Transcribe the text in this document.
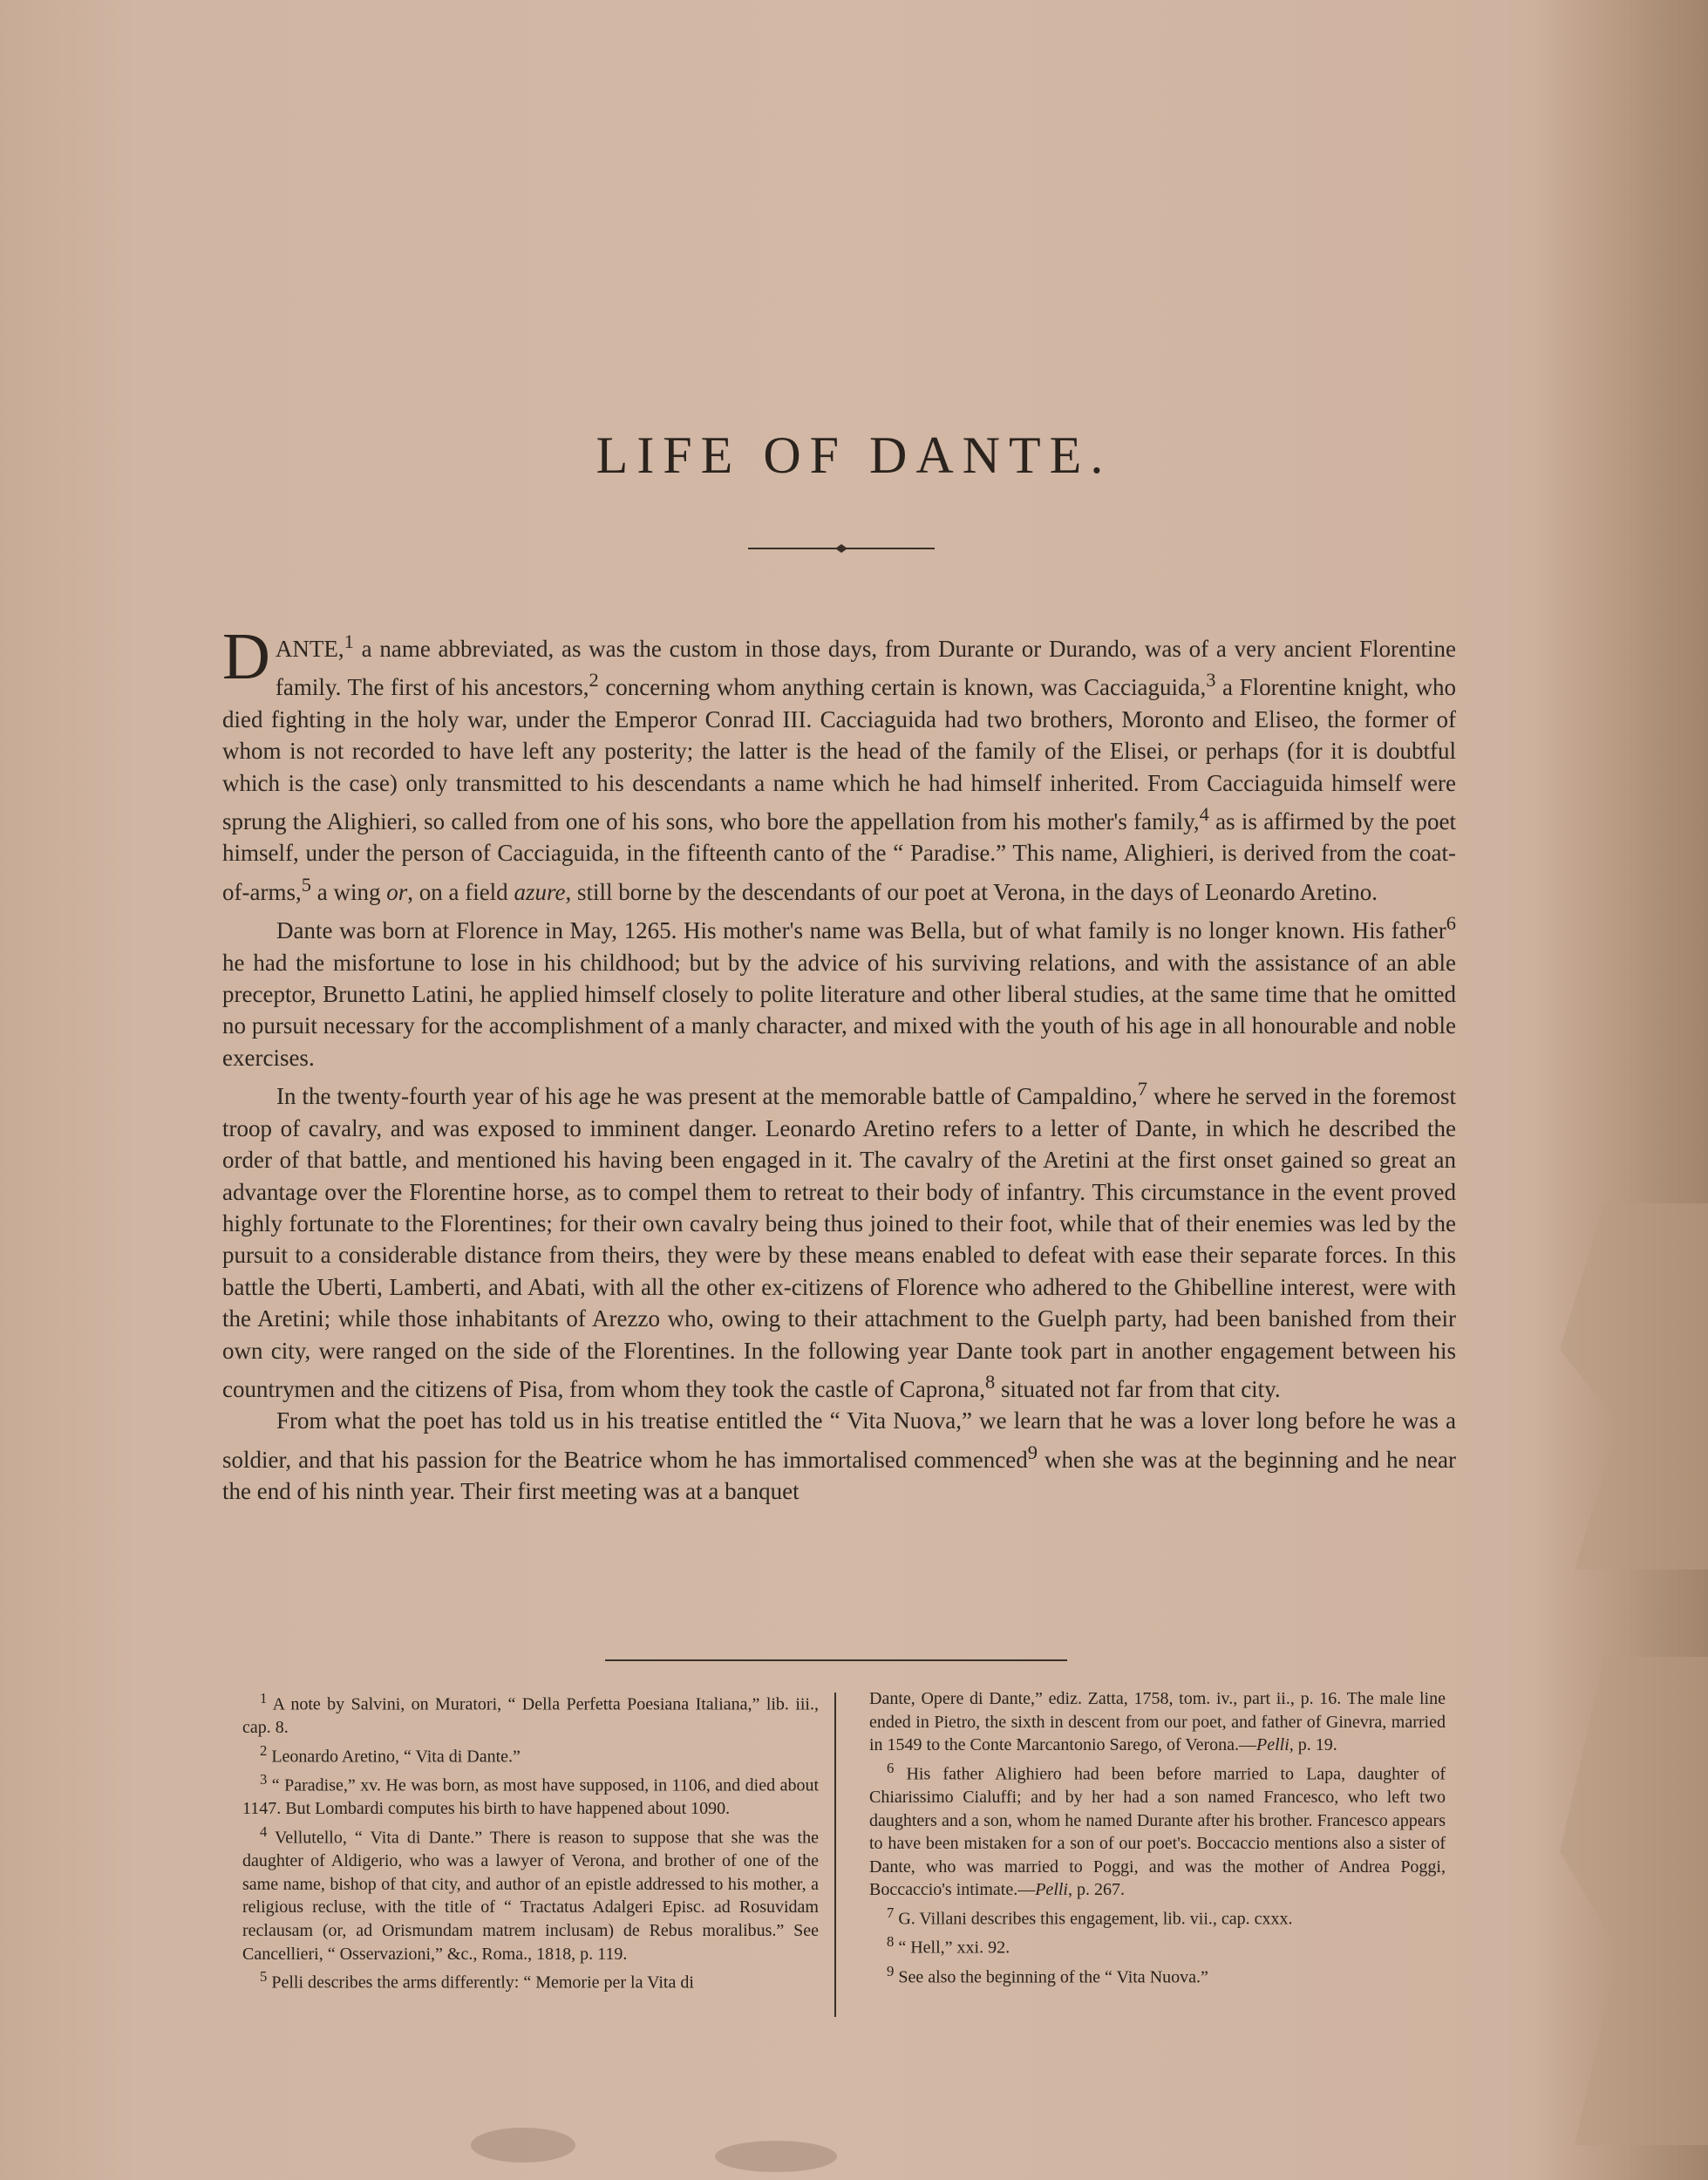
LIFE OF DANTE.

DANTE,$^1$ a name abbreviated, as was the custom in those days, from Durante or Durando, was of a very ancient Florentine family. The first of his ancestors,$^2$ concerning whom anything certain is known, was Cacciaguida,$^3$ a Florentine knight, who died fighting in the holy war, under the Emperor Conrad III. Cacciaguida had two brothers, Moronto and Eliseo, the former of whom is not recorded to have left any posterity; the latter is the head of the family of the Elisei, or perhaps (for it is doubtful which is the case) only transmitted to his descendants a name which he had himself inherited. From Cacciaguida himself were sprung the Alighieri, so called from one of his sons, who bore the appellation from his mother's family,$^4$ as is affirmed by the poet himself, under the person of Cacciaguida, in the fifteenth canto of the “ Paradise.” This name, Alighieri, is derived from the coat-of-arms,$^5$ a wing or, on a field azure, still borne by the descendants of our poet at Verona, in the days of Leonardo Aretino.

Dante was born at Florence in May, 1265. His mother's name was Bella, but of what family is no longer known. His father$^6$ he had the misfortune to lose in his childhood; but by the advice of his surviving relations, and with the assistance of an able preceptor, Brunetto Latini, he applied himself closely to polite literature and other liberal studies, at the same time that he omitted no pursuit necessary for the accomplishment of a manly character, and mixed with the youth of his age in all honourable and noble exercises.

In the twenty-fourth year of his age he was present at the memorable battle of Campaldino,$^7$ where he served in the foremost troop of cavalry, and was exposed to imminent danger. Leonardo Aretino refers to a letter of Dante, in which he described the order of that battle, and mentioned his having been engaged in it. The cavalry of the Aretini at the first onset gained so great an advantage over the Florentine horse, as to compel them to retreat to their body of infantry. This circumstance in the event proved highly fortunate to the Florentines; for their own cavalry being thus joined to their foot, while that of their enemies was led by the pursuit to a considerable distance from theirs, they were by these means enabled to defeat with ease their separate forces. In this battle the Uberti, Lamberti, and Abati, with all the other ex-citizens of Florence who adhered to the Ghibelline interest, were with the Aretini; while those inhabitants of Arezzo who, owing to their attachment to the Guelph party, had been banished from their own city, were ranged on the side of the Florentines. In the following year Dante took part in another engagement between his countrymen and the citizens of Pisa, from whom they took the castle of Caprona,$^8$ situated not far from that city.

From what the poet has told us in his treatise entitled the “ Vita Nuova,” we learn that he was a lover long before he was a soldier, and that his passion for the Beatrice whom he has immortalised commenced$^9$ when she was at the beginning and he near the end of his ninth year. Their first meeting was at a banquet

$^1$ A note by Salvini, on Muratori, “ Della Perfetta Poesiana Italiana,” lib. iii., cap. 8.

$^2$ Leonardo Aretino, “ Vita di Dante.”

$^3$ “ Paradise,” xv. He was born, as most have supposed, in 1106, and died about 1147. But Lombardi computes his birth to have happened about 1090.

$^4$ Vellutello, “ Vita di Dante.” There is reason to suppose that she was the daughter of Aldigerio, who was a lawyer of Verona, and brother of one of the same name, bishop of that city, and author of an epistle addressed to his mother, a religious recluse, with the title of “ Tractatus Adalgeri Episc. ad Rosuvidam reclausam (or, ad Orismundam matrem inclusam) de Rebus moralibus.” See Cancellieri, “ Osservazioni,” &c., Roma., 1818, p. 119.

$^5$ Pelli describes the arms differently: “ Memorie per la Vita di

Dante, Opere di Dante,” ediz. Zatta, 1758, tom. iv., part ii., p. 16. The male line ended in Pietro, the sixth in descent from our poet, and father of Ginevra, married in 1549 to the Conte Marcantonio Sarego, of Verona.—Pelli, p. 19.

$^6$ His father Alighiero had been before married to Lapa, daughter of Chiarissimo Cialuffi; and by her had a son named Francesco, who left two daughters and a son, whom he named Durante after his brother. Francesco appears to have been mistaken for a son of our poet's. Boccaccio mentions also a sister of Dante, who was married to Poggi, and was the mother of Andrea Poggi, Boccaccio's intimate.—Pelli, p. 267.

$^7$ G. Villani describes this engagement, lib. vii., cap. cxxx.

$^8$ “ Hell,” xxi. 92.

$^9$ See also the beginning of the “ Vita Nuova.”
